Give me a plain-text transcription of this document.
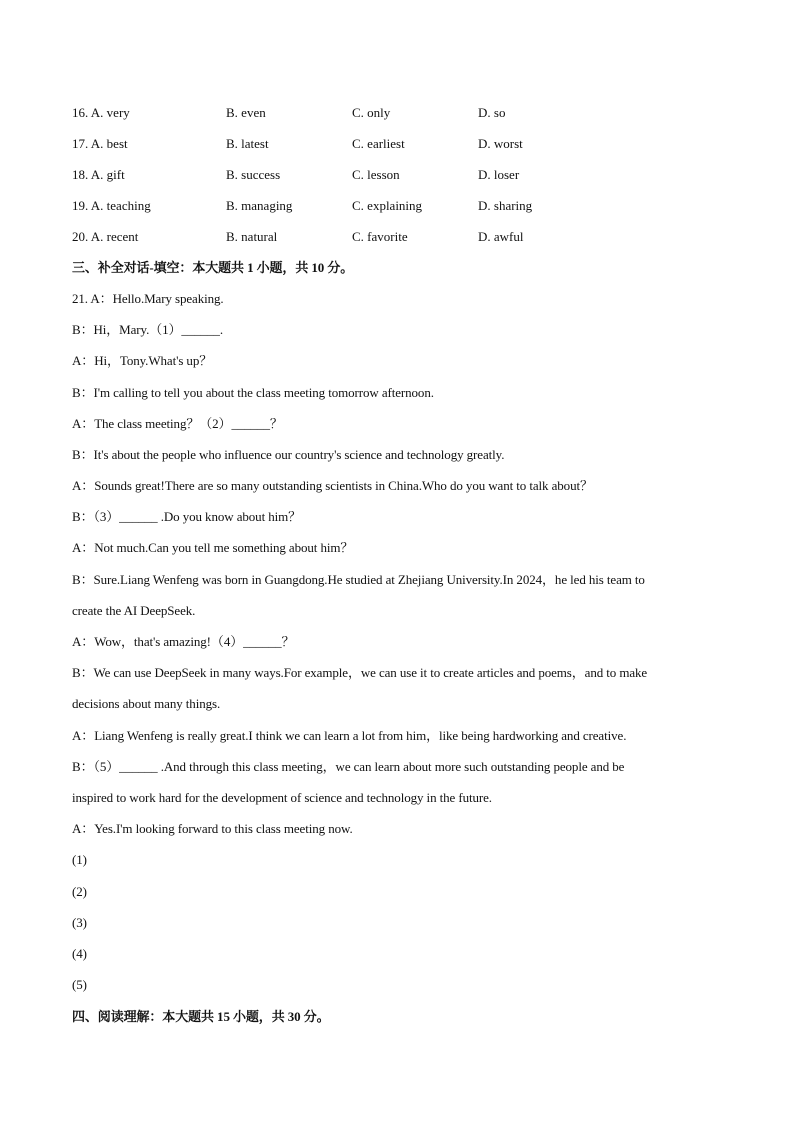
16. A. very	B. even	C. only	D. so
17. A. best	B. latest	C. earliest	D. worst
18. A. gift	B. success	C. lesson	D. loser
19. A. teaching	B. managing	C. explaining	D. sharing
20. A. recent	B. natural	C. favorite	D. awful
三、补全对话-填空：本大题共 1 小题，共 10 分。
21. A：Hello.Mary speaking.
B：Hi，Mary.（1）______.
A：Hi，Tony.What's up？
B：I'm calling to tell you about the class meeting tomorrow afternoon.
A：The class meeting？（2）______？
B：It's about the people who influence our country's science and technology greatly.
A：Sounds great!There are so many outstanding scientists in China.Who do you want to talk about？
B：（3）______ .Do you know about him？
A：Not much.Can you tell me something about him？
B：Sure.Liang Wenfeng was born in Guangdong.He studied at Zhejiang University.In 2024，he led his team to
create the AI DeepSeek.
A：Wow，that's amazing!（4）______？
B：We can use DeepSeek in many ways.For example，we can use it to create articles and poems，and to make
decisions about many things.
A：Liang Wenfeng is really great.I think we can learn a lot from him，like being hardworking and creative.
B：（5）______ .And through this class meeting，we can learn about more such outstanding people and be
inspired to work hard for the development of science and technology in the future.
A：Yes.I'm looking forward to this class meeting now.
(1)
(2)
(3)
(4)
(5)
四、阅读理解：本大题共 15 小题，共 30 分。
